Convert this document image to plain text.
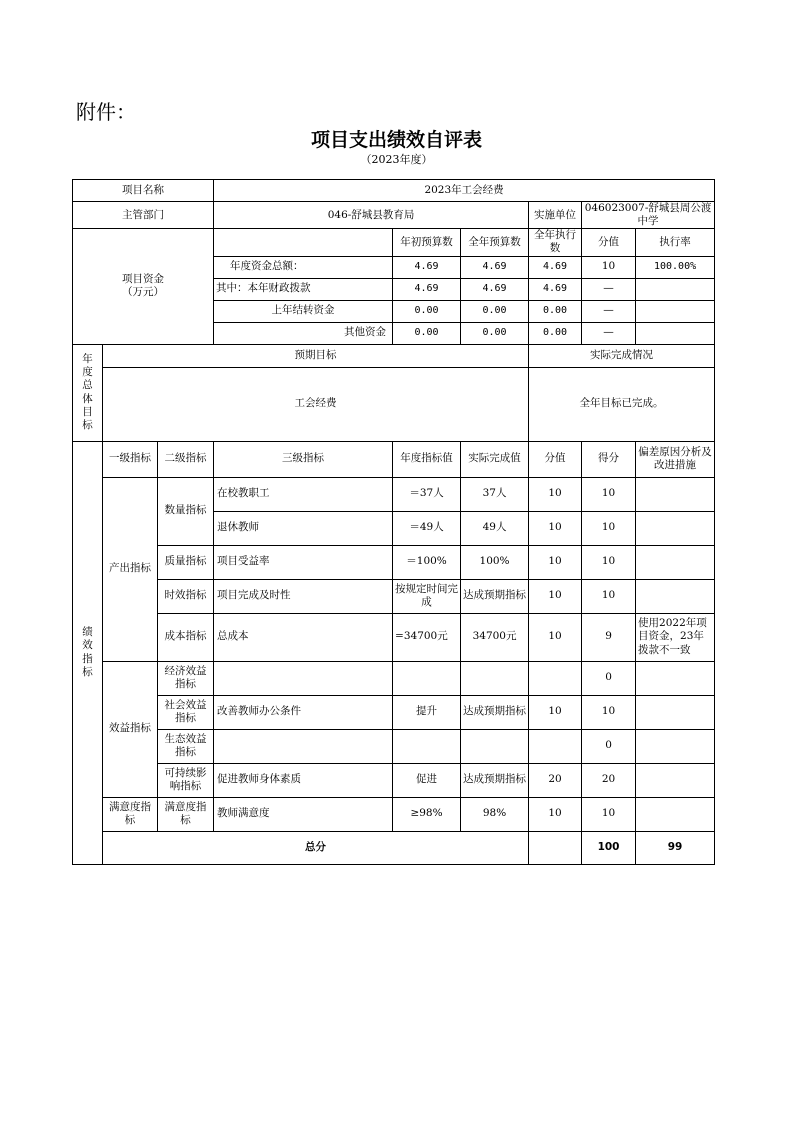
附件：
项目支出绩效自评表
（2023年度）
项目名称			2023年工会经费						
主管部门			046-舒城县教育局			实施单位	046023007-舒城县周公渡中学		
项目资金
（万元）				年初预算数	全年预算数	全年执行数	分值	执行率	
			年度资金总额：	4.69	4.69	4.69	10	100.00%	
			其中：本年财政拨款	4.69	4.69	4.69	—		
			上年结转资金	0.00	0.00	0.00	—		
			其他资金	0.00	0.00	0.00	—		
年度总体目标	预期目标					实际完成情况			
	工会经费					全年目标已完成。			
绩效指标	一级指标	二级指标	三级指标	年度指标值	实际完成值	分值	得分	偏差原因分析及改进措施	
	产出指标	数量指标	在校教职工	＝37人	37人	10	10		
			退休教师	＝49人	49人	10	10		
		质量指标	项目受益率	＝100%	100%	10	10		
		时效指标	项目完成及时性	按规定时间完成	达成预期指标	10	10		
		成本指标	总成本	=34700元	34700元	10	9	使用2022年项目资金，23年拨款不一致	
	效益指标	经济效益指标					0		
		社会效益指标	改善教师办公条件	提升	达成预期指标	10	10		
		生态效益指标					0		
		可持续影响指标	促进教师身体素质	促进	达成预期指标	20	20		
	满意度指标	满意度指标	教师满意度	≥98%	98%	10	10		
	总分						100	99	
